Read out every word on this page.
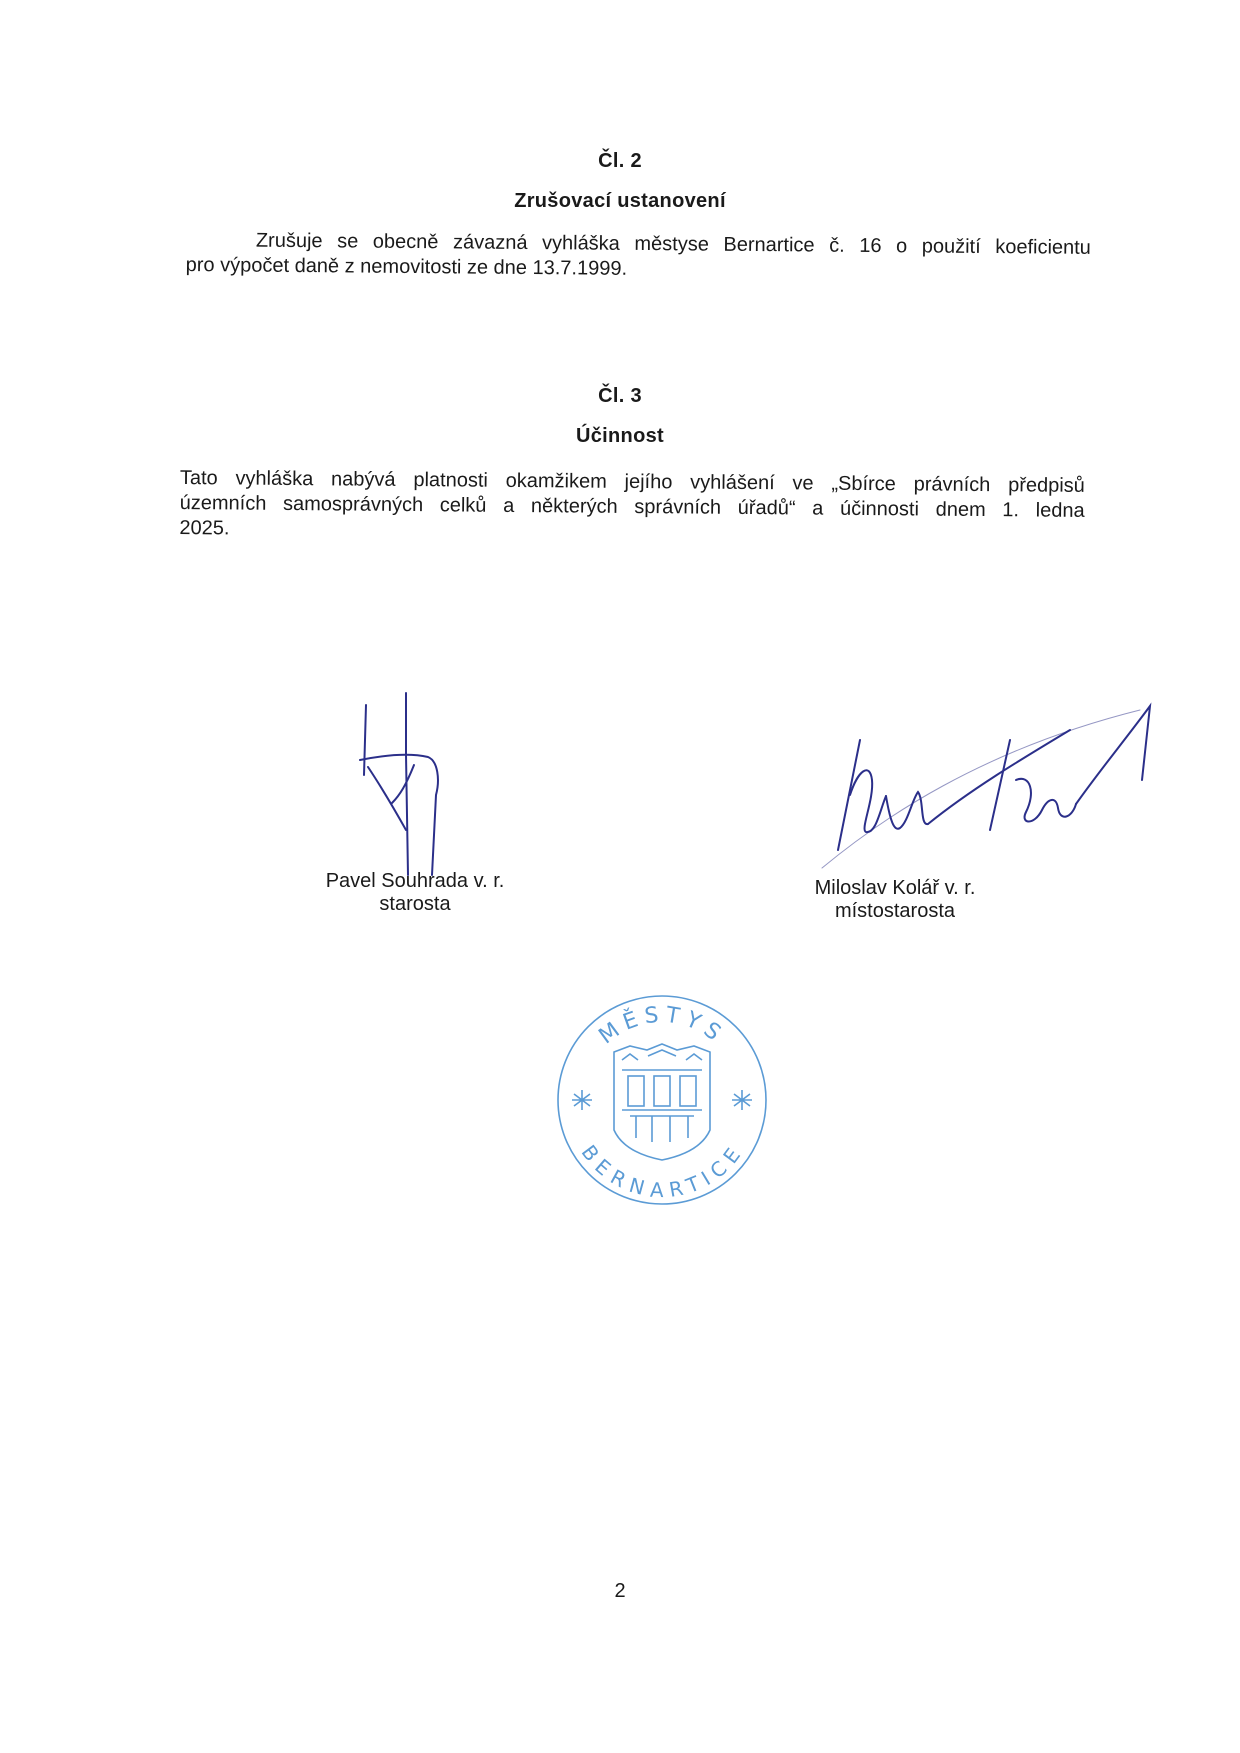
Čl. 2
Zrušovací ustanovení
Zrušuje se obecně závazná vyhláška městyse Bernartice č. 16 o použití koeficientu
pro výpočet daně z nemovitosti ze dne 13.7.1999.
Čl. 3
Účinnost
Tato vyhláška nabývá platnosti okamžikem jejího vyhlášení ve „Sbírce právních předpisů
územních samosprávných celků a některých správních úřadů“ a účinnosti dnem 1. ledna
2025.
Pavel Souhrada v. r.
starosta
Miloslav Kolář v. r.
místostarosta
MĚSTYS
BERNARTICE
2
